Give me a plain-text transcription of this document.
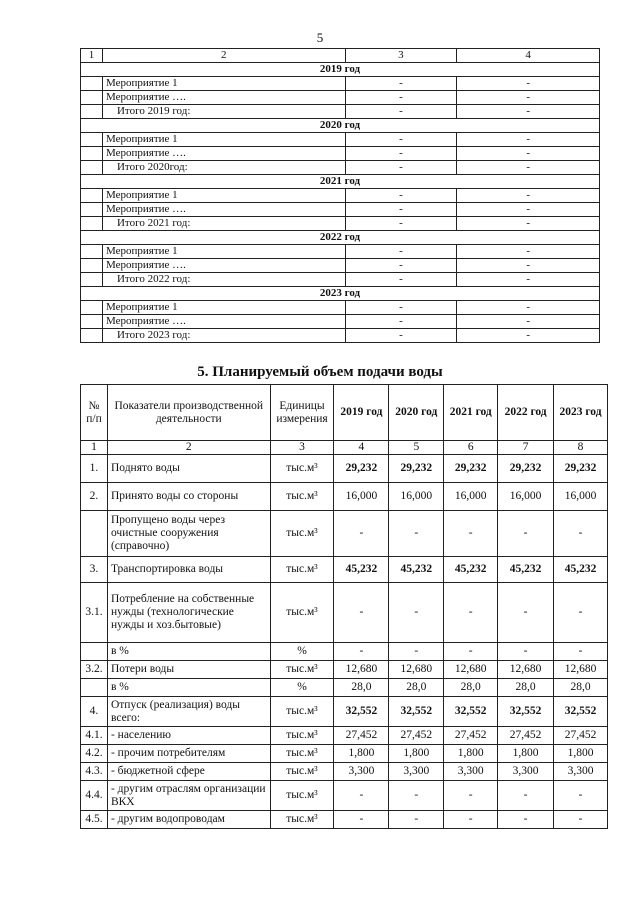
5
1	2	3	4
2019 год			
	Мероприятие 1	-	-
	Мероприятие ….	-	-
	Итого 2019 год:	-	-
2020 год			
	Мероприятие 1	-	-
	Мероприятие ….	-	-
	Итого 2020год:	-	-
2021 год			
	Мероприятие 1	-	-
	Мероприятие ….	-	-
	Итого 2021 год:	-	-
2022 год			
	Мероприятие 1	-	-
	Мероприятие ….	-	-
	Итого 2022 год:	-	-
2023 год			
	Мероприятие 1	-	-
	Мероприятие ….	-	-
	Итого 2023 год:	-	-
5. Планируемый объем подачи воды
№ п/п	Показатели производственной деятельности	Единицы измерения	2019 год	2020 год	2021 год	2022 год	2023 год
1	2	3	4	5	6	7	8
1.	Поднято воды	тыс.м³	29,232	29,232	29,232	29,232	29,232
2.	Принято воды со стороны	тыс.м³	16,000	16,000	16,000	16,000	16,000
	Пропущено воды через очистные сооружения (справочно)	тыс.м³	-	-	-	-	-
3.	Транспортировка воды	тыс.м³	45,232	45,232	45,232	45,232	45,232
3.1.	Потребление на собственные нужды (технологические нужды и хоз.бытовые)	тыс.м³	-	-	-	-	-
	в %	%	-	-	-	-	-
3.2.	Потери воды	тыс.м³	12,680	12,680	12,680	12,680	12,680
	в %	%	28,0	28,0	28,0	28,0	28,0
4.	Отпуск (реализация) воды всего:	тыс.м³	32,552	32,552	32,552	32,552	32,552
4.1.	- населению	тыс.м³	27,452	27,452	27,452	27,452	27,452
4.2.	- прочим потребителям	тыс.м³	1,800	1,800	1,800	1,800	1,800
4.3.	- бюджетной сфере	тыс.м³	3,300	3,300	3,300	3,300	3,300
4.4.	- другим отраслям организации ВКХ	тыс.м³	-	-	-	-	-
4.5.	- другим водопроводам	тыс.м³	-	-	-	-	-
